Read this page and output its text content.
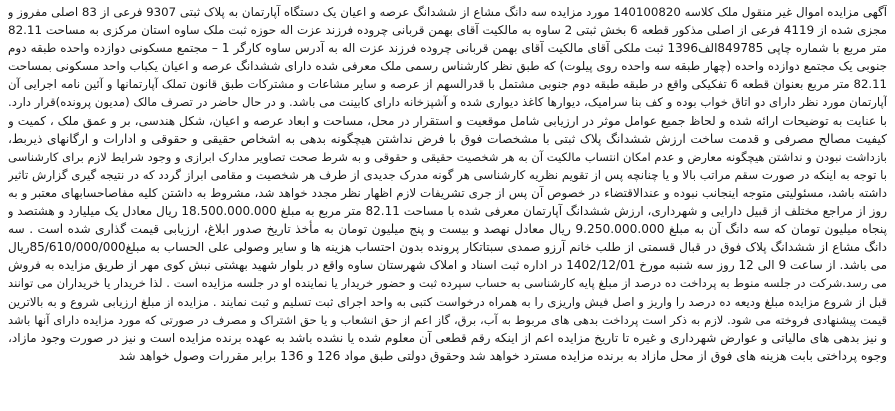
آگهی مزایده اموال غیر منقول ملک کلاسه 140100820 مورد مزایده سه دانگ مشاع از ششدانگ عرصه و اعیان یک دستگاه آپارتمان به پلاک ثبتی 9307 فرعی از 83 اصلی مفروز و
مجزی شده از 4119 فرعی از اصلی مذکور قطعه 6 بخش ثبتی 2 ساوه به مالکیت آقای بهمن قربانی چروده فرزند عزت اله حوزه ثبت ملک ساوه استان مرکزی به مساحت 82.11
متر مربع با شماره چاپی 849785الف1396 ثبت ملکی آقای مالکیت آقای بهمن قربانی چروده فرزند عزت اله به آدرس ساوه کارگر 1 – مجتمع مسکونی دوازده واحده طبقه دوم
جنوبی یک مجتمع دوازده واحده (چهار طبقه سه واحده روی پیلوت) که طبق نظر کارشناس رسمی ملک معرفی شده دارای ششدانگ عرصه و اعیان یکباب واحد مسکونی بمساحت
82.11 متر مربع بعنوان قطعه 6 تفکیکی واقع در طبقه طبقه دوم جنوبی مشتمل با قدرالسهم از عرصه و سایر مشاعات و مشترکات طبق قانون تملک آپارتمانها و آئین نامه اجرایی آن
آپارتمان مورد نظر دارای دو اتاق خواب بوده و کف بنا سرامیک، دیوارها کاغذ دیواری شده و آشپزخانه دارای کابینت می باشد. و در حال حاضر در تصرف مالک (مدیون پرونده)قرار دارد.
با عنایت به توضیحات ارائه شده و لحاظ جمیع عوامل موثر در ارزیابی شامل موقعیت و استقرار در محل، مساحت و ابعاد عرصه و اعیان، شکل هندسی، بر و عمق ملک ، کمیت و
کیفیت مصالح مصرفی و قدمت ساخت ارزش ششدانگ پلاک ثبتی با مشخصات فوق با فرض نداشتن هیچگونه بدهی به اشخاص حقیقی و حقوقی و ادارات و ارگانهای ذیربط،
بازداشت نبودن و نداشتن هیچگونه معارض و عدم امکان انتساب مالکیت آن به هر شخصیت حقیقی و حقوقی و به شرط صحت تصاویر مدارک ابرازی و وجود شرایط لازم برای کارشناسی
با توجه به اینکه در صورت سقم مراتب بالا و یا چنانچه پس از تقویم نظریه کارشناسی هر گونه مدرک جدیدی از طرف هر شخصیت و مقامی ابراز گردد که در نتیجه گیری گزارش تاثیر
داشته باشد، مسئولیتی متوجه اینجانب نبوده و عندالاقتضاء در خصوص آن پس از جری تشریفات لازم اظهار نظر مجدد خواهد شد، مشروط به داشتن کلیه مفاصاحسابهای معتبر و به
روز از مراجع مختلف از قبیل دارایی و شهرداری، ارزش ششدانگ آپارتمان معرفی شده با مساحت 82.11 متر مربع به مبلغ 18.500.000.000 ریال معادل یک میلیارد و هشتصد و
پنجاه میلیون تومان که سه دانگ آن به مبلغ 9.250.000.000 ریال معادل نهصد و بیست و پنج میلیون تومان به مأخذ تاریخ صدور ابلاغ، ارزیابی قیمت گذاری شده است . سه
دانگ مشاع از ششدانگ پلاک فوق در قبال قسمتی از طلب خانم آرزو صمدی سبتاتکار پرونده بدون احتساب هزینه ها و سایر وصولی علی الحساب به مبلغ85/610/000/000ریال
می باشد. از ساعت 9 الی 12 روز سه شنبه مورخ 1402/12/01 در اداره ثبت اسناد و املاک شهرستان ساوه واقع در بلوار شهید بهشتی نبش کوی مهر از طریق مزایده به فروش
می رسد.شرکت در جلسه منوط به پرداخت ده درصد از مبلغ پایه کارشناسی به حساب سپرده ثبت و حضور خریدار یا نماینده او در جلسه مزایده است . لذا خریدار یا خریداران می توانند
قبل از شروع مزایده مبلغ ودیعه ده درصد را واریز و اصل فیش واریزی را به همراه درخواست کتبی به واحد اجرای ثبت تسلیم و ثبت نمایند . مزایده از مبلغ ارزیابی شروع و به بالاترین
قیمت پیشنهادی فروخته می شود. لازم به ذکر است پرداخت بدهی های مربوط به آب، برق، گاز اعم از حق انشعاب و یا حق اشتراک و مصرف در صورتی که مورد مزایده دارای آنها باشد
و نیز بدهی های مالیاتی و عوارض شهرداری و غیره تا تاریخ مزایده اعم از اینکه رقم قطعی آن معلوم شده یا نشده باشد به عهده برنده مزایده است و نیز در صورت وجود مازاد،
وجوه پرداختی بابت هزینه های فوق از محل مازاد به برنده مزایده مسترد خواهد شد وحقوق دولتی طبق مواد 126 و 136 برابر مقررات وصول خواهد شد
